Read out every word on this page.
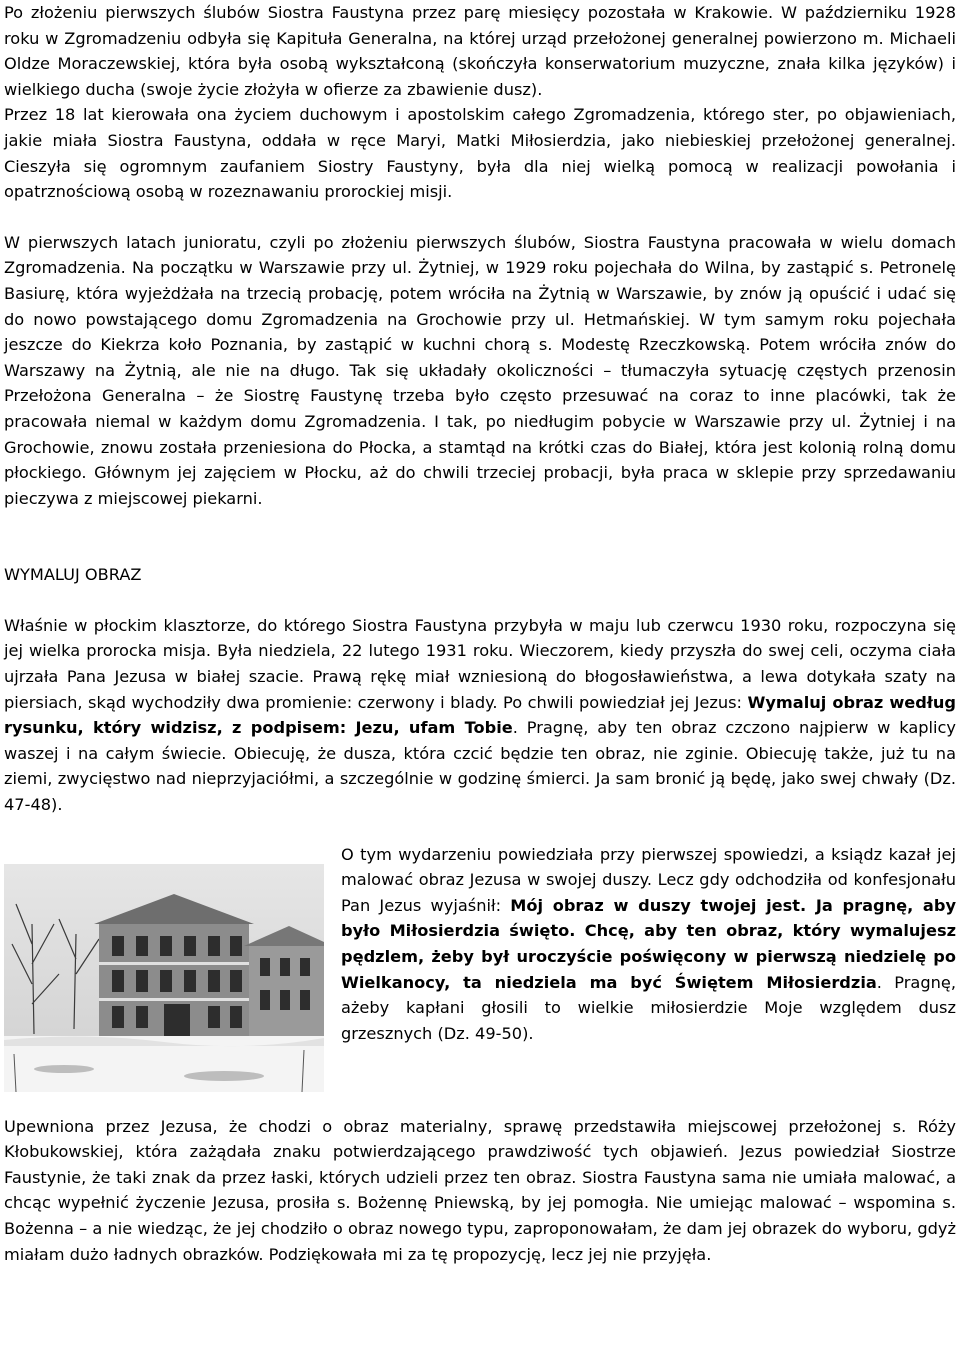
Po złożeniu pierwszych ślubów Siostra Faustyna przez parę miesięcy pozostała w Krakowie. W październiku 1928 roku w Zgromadzeniu odbyła się Kapituła Generalna, na której urząd przełożonej generalnej powierzono m. Michaeli Oldze Moraczewskiej, która była osobą wykształconą (skończyła konserwatorium muzyczne, znała kilka języków) i wielkiego ducha (swoje życie złożyła w ofierze za zbawienie dusz).
Przez 18 lat kierowała ona życiem duchowym i apostolskim całego Zgromadzenia, którego ster, po objawieniach, jakie miała Siostra Faustyna, oddała w ręce Maryi, Matki Miłosierdzia, jako niebieskiej przełożonej generalnej. Cieszyła się ogromnym zaufaniem Siostry Faustyny, była dla niej wielką pomocą w realizacji powołania i opatrznościową osobą w rozeznawaniu prorockiej misji.

W pierwszych latach junioratu, czyli po złożeniu pierwszych ślubów, Siostra Faustyna pracowała w wielu domach Zgromadzenia. Na początku w Warszawie przy ul. Żytniej, w 1929 roku pojechała do Wilna, by zastąpić s. Petronelę Basiurę, która wyjeżdżała na trzecią probację, potem wróciła na Żytnią w Warszawie, by znów ją opuścić i udać się do nowo powstającego domu Zgromadzenia na Grochowie przy ul. Hetmańskiej. W tym samym roku pojechała jeszcze do Kiekrza koło Poznania, by zastąpić w kuchni chorą s. Modestę Rzeczkowską. Potem wróciła znów do Warszawy na Żytnią, ale nie na długo. Tak się układały okoliczności – tłumaczyła sytuację częstych przenosin Przełożona Generalna – że Siostrę Faustynę trzeba było często przesuwać na coraz to inne placówki, tak że pracowała niemal w każdym domu Zgromadzenia. I tak, po niedługim pobycie w Warszawie przy ul. Żytniej i na Grochowie, znowu została przeniesiona do Płocka, a stamtąd na krótki czas do Białej, która jest kolonią rolną domu płockiego. Głównym jej zajęciem w Płocku, aż do chwili trzeciej probacji, była praca w sklepie przy sprzedawaniu pieczywa z miejscowej piekarni.

WYMALUJ OBRAZ

Właśnie w płockim klasztorze, do którego Siostra Faustyna przybyła w maju lub czerwcu 1930 roku, rozpoczyna się jej wielka prorocka misja. Była niedziela, 22 lutego 1931 roku. Wieczorem, kiedy przyszła do swej celi, oczyma ciała ujrzała Pana Jezusa w białej szacie. Prawą rękę miał wzniesioną do błogosławieństwa, a lewa dotykała szaty na piersiach, skąd wychodziły dwa promienie: czerwony i blady. Po chwili powiedział jej Jezus: Wymaluj obraz według rysunku, który widzisz, z podpisem: Jezu, ufam Tobie. Pragnę, aby ten obraz czczono najpierw w kaplicy waszej i na całym świecie. Obiecuję, że dusza, która czcić będzie ten obraz, nie zginie. Obiecuję także, już tu na ziemi, zwycięstwo nad nieprzyjaciółmi, a szczególnie w godzinę śmierci. Ja sam bronić ją będę, jako swej chwały (Dz. 47-48).

O tym wydarzeniu powiedziała przy pierwszej spowiedzi, a ksiądz kazał jej malować obraz Jezusa w swojej duszy. Lecz gdy odchodziła od konfesjonału Pan Jezus wyjaśnił: Mój obraz w duszy twojej jest. Ja pragnę, aby było Miłosierdzia święto. Chcę, aby ten obraz, który wymalujesz pędzlem, żeby był uroczyście poświęcony w pierwszą niedzielę po Wielkanocy, ta niedziela ma być Świętem Miłosierdzia. Pragnę, ażeby kapłani głosili to wielkie miłosierdzie Moje względem dusz grzesznych (Dz. 49-50).

Upewniona przez Jezusa, że chodzi o obraz materialny, sprawę przedstawiła miejscowej przełożonej s. Róży Kłobukowskiej, która zażądała znaku potwierdzającego prawdziwość tych objawień. Jezus powiedział Siostrze Faustynie, że taki znak da przez łaski, których udzieli przez ten obraz. Siostra Faustyna sama nie umiała malować, a chcąc wypełnić życzenie Jezusa, prosiła s. Bożennę Pniewską, by jej pomogła. Nie umiejąc malować – wspomina s. Bożenna – a nie wiedząc, że jej chodziło o obraz nowego typu, zaproponowałam, że dam jej obrazek do wyboru, gdyż miałam dużo ładnych obrazków. Podziękowała mi za tę propozycję, lecz jej nie przyjęła.
